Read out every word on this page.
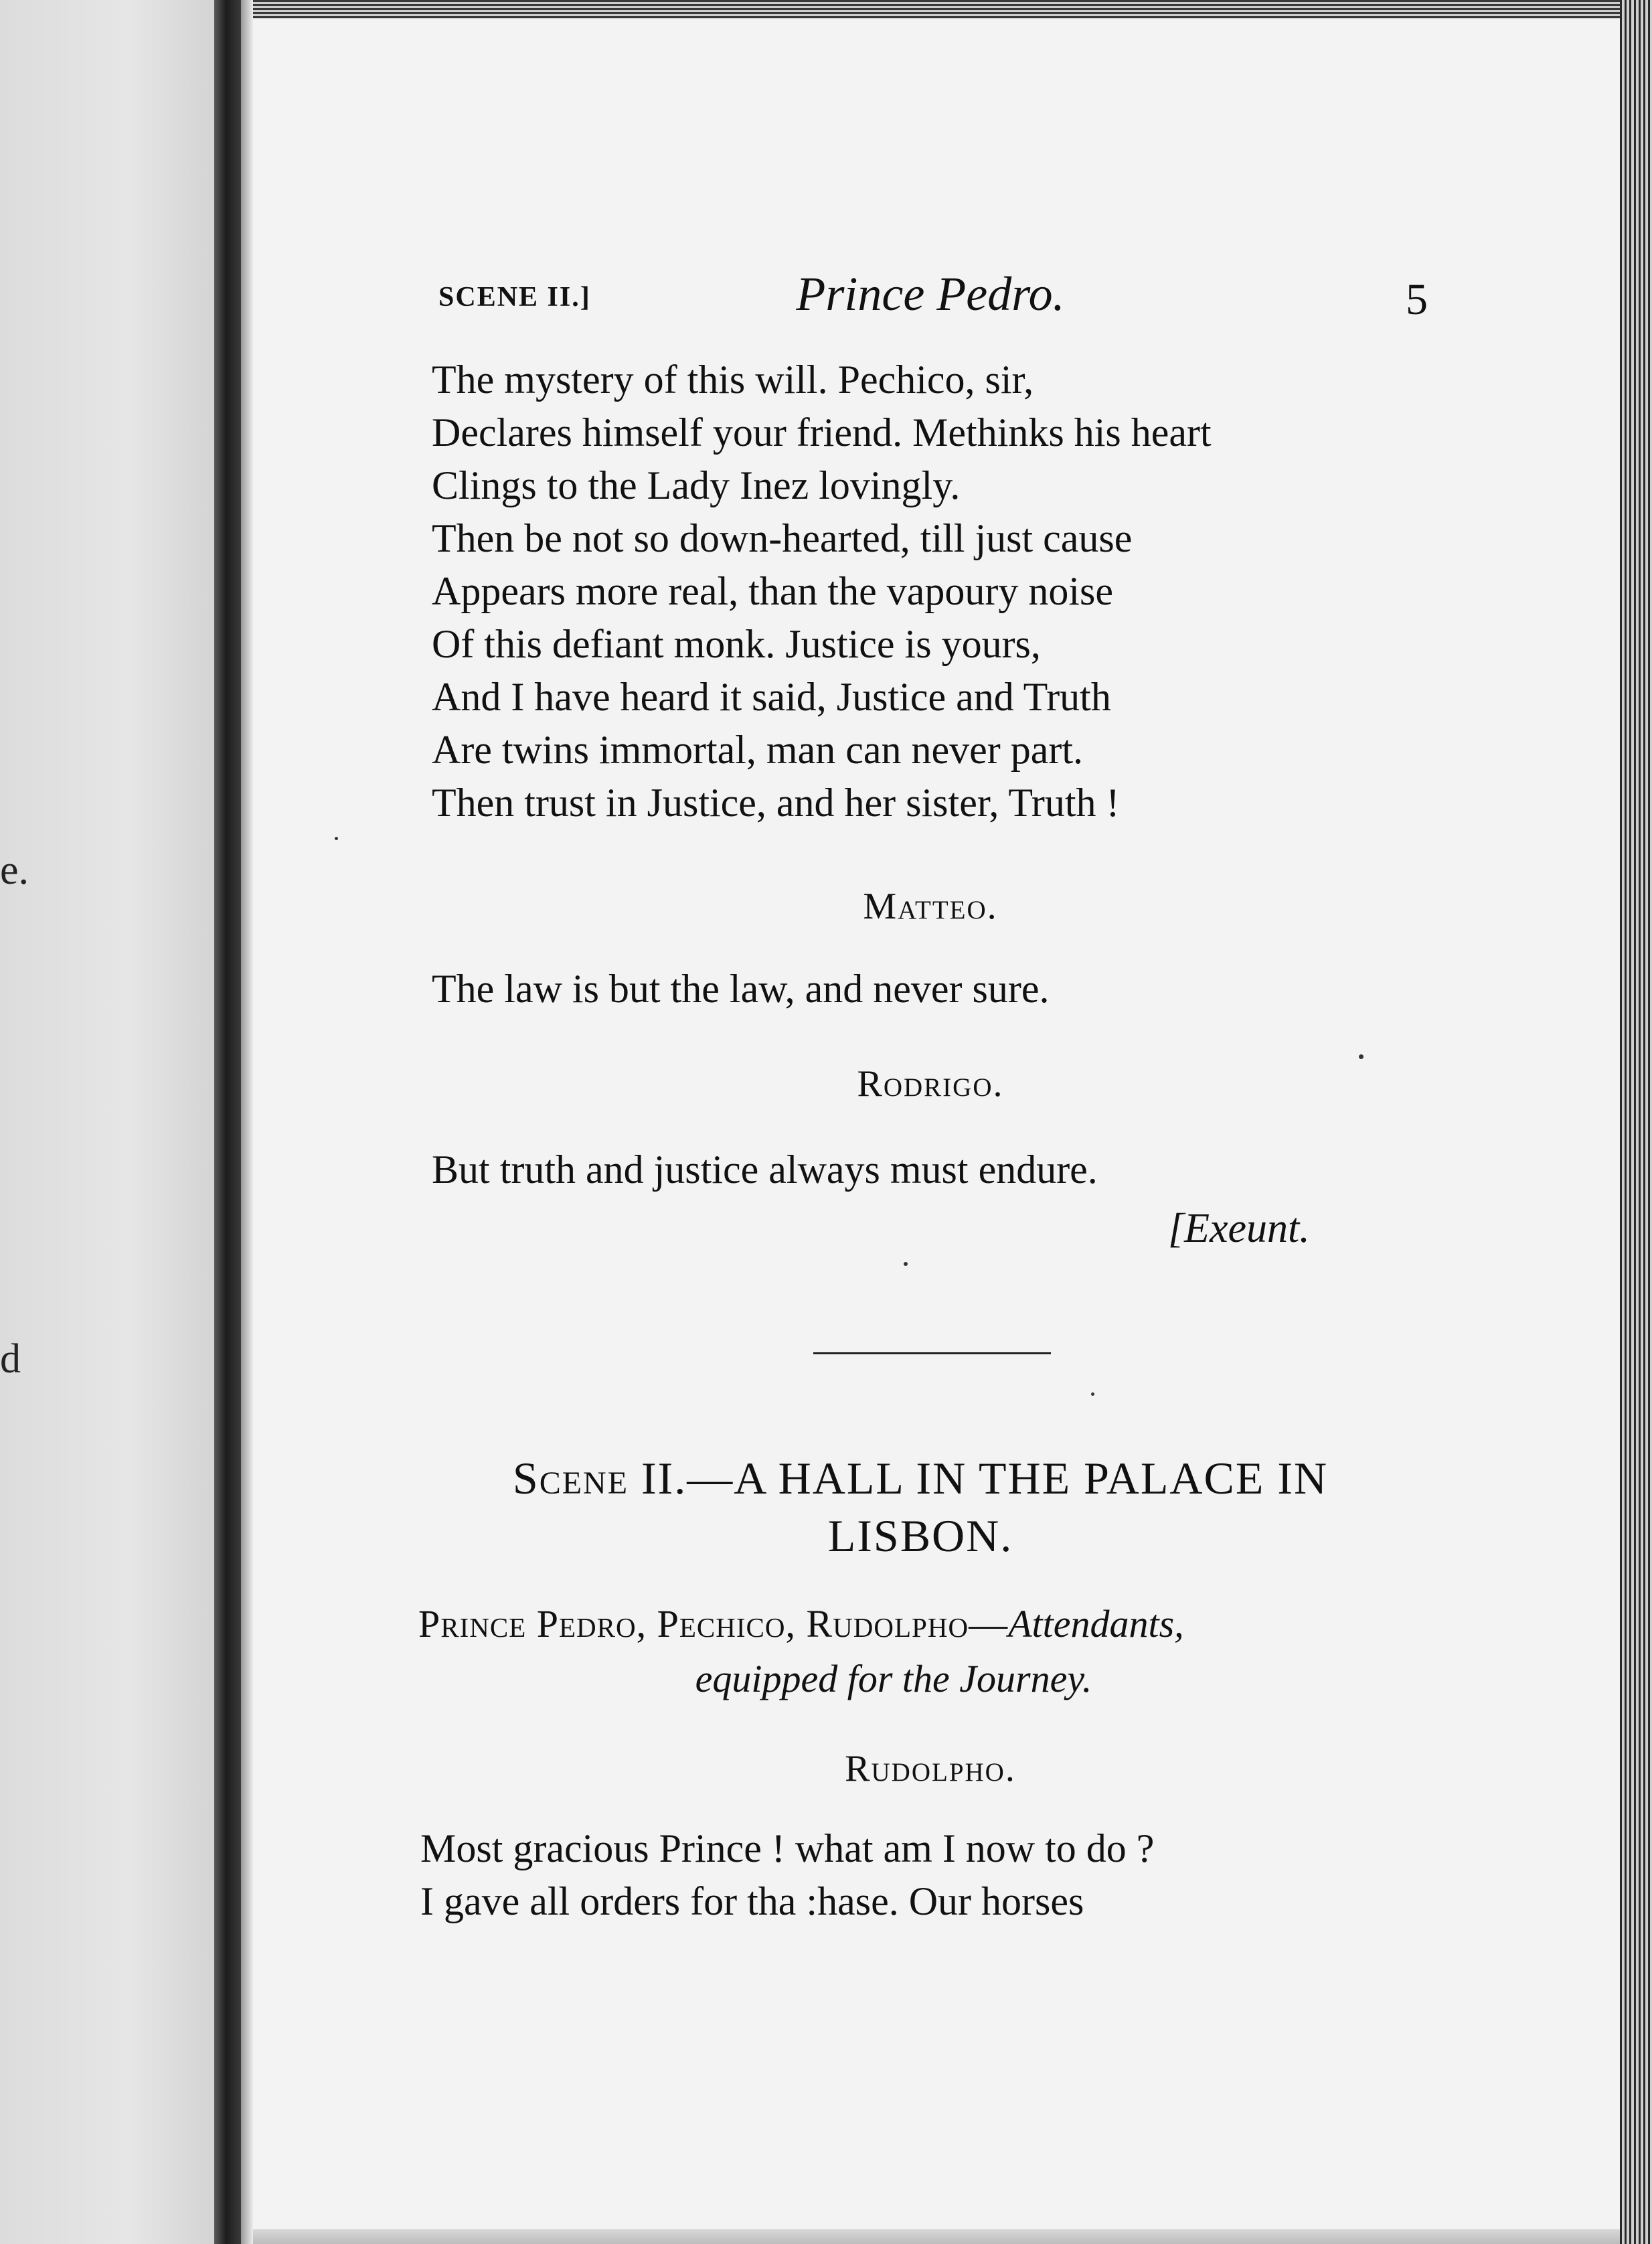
e.
d
SCENE II.]	Prince Pedro.	5
The mystery of this will. Pechico, sir,
Declares himself your friend. Methinks his heart
Clings to the Lady Inez lovingly.
Then be not so down-hearted, till just cause
Appears more real, than the vapoury noise
Of this defiant monk. Justice is yours,
And I have heard it said, Justice and Truth
Are twins immortal, man can never part.
Then trust in Justice, and her sister, Truth !
Matteo.
The law is but the law, and never sure.
Rodrigo.
But truth and justice always must endure.
[Exeunt.
Scene II.—A HALL IN THE PALACE IN LISBON.
Prince Pedro, Pechico, Rudolpho—Attendants,
equipped for the Journey.
Rudolpho.
Most gracious Prince ! what am I now to do ?
I gave all orders for tha :hase. Our horses
